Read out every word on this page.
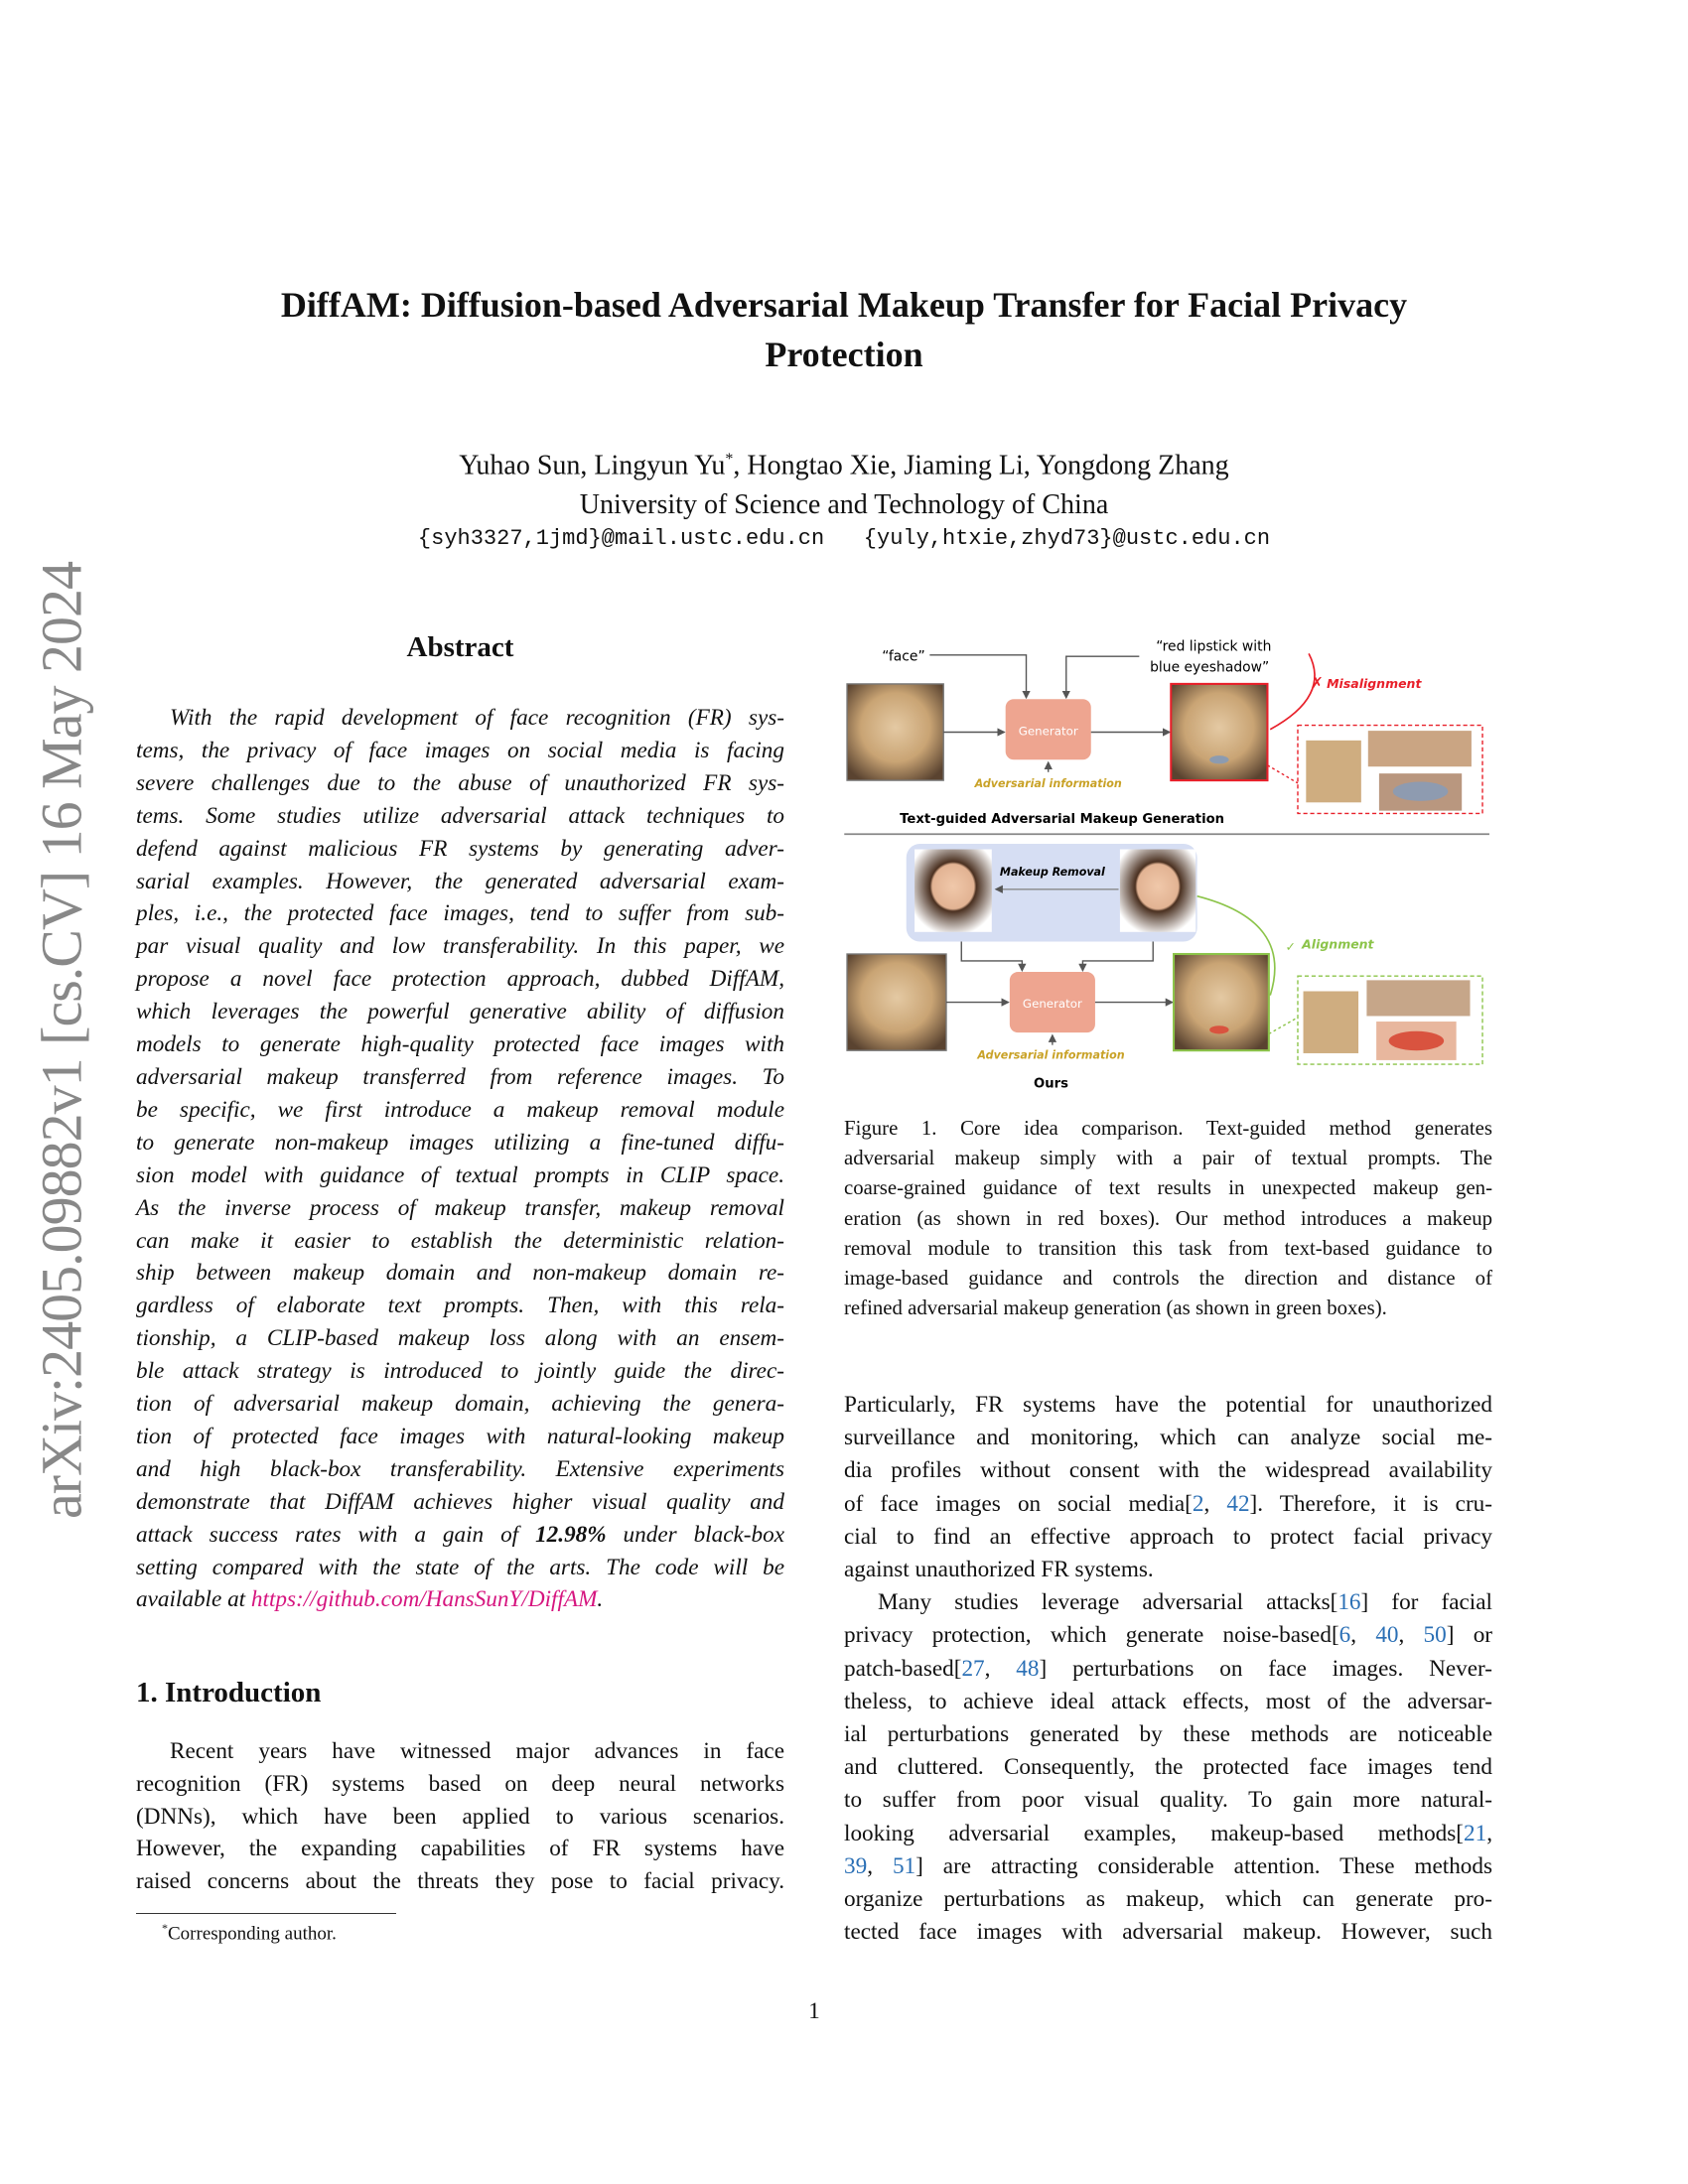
arXiv:2405.09882v1 [cs.CV] 16 May 2024
DiffAM: Diffusion-based Adversarial Makeup Transfer for Facial Privacy
Protection
Yuhao Sun, Lingyun Yu*, Hongtao Xie, Jiaming Li, Yongdong Zhang
University of Science and Technology of China
{syh3327,1jmd}@mail.ustc.edu.cn   {yuly,htxie,zhyd73}@ustc.edu.cn
Abstract
With the rapid development of face recognition (FR) sys-
tems, the privacy of face images on social media is facing
severe challenges due to the abuse of unauthorized FR sys-
tems. Some studies utilize adversarial attack techniques to
defend against malicious FR systems by generating adver-
sarial examples. However, the generated adversarial exam-
ples, i.e., the protected face images, tend to suffer from sub-
par visual quality and low transferability. In this paper, we
propose a novel face protection approach, dubbed DiffAM,
which leverages the powerful generative ability of diffusion
models to generate high-quality protected face images with
adversarial makeup transferred from reference images. To
be specific, we first introduce a makeup removal module
to generate non-makeup images utilizing a fine-tuned diffu-
sion model with guidance of textual prompts in CLIP space.
As the inverse process of makeup transfer, makeup removal
can make it easier to establish the deterministic relation-
ship between makeup domain and non-makeup domain re-
gardless of elaborate text prompts. Then, with this rela-
tionship, a CLIP-based makeup loss along with an ensem-
ble attack strategy is introduced to jointly guide the direc-
tion of adversarial makeup domain, achieving the genera-
tion of protected face images with natural-looking makeup
and high black-box transferability. Extensive experiments
demonstrate that DiffAM achieves higher visual quality and
attack success rates with a gain of 12.98% under black-box
setting compared with the state of the arts. The code will be
available at https://github.com/HansSunY/DiffAM.
1. Introduction
Recent years have witnessed major advances in face
recognition (FR) systems based on deep neural networks
(DNNs), which have been applied to various scenarios.
However, the expanding capabilities of FR systems have
raised concerns about the threats they pose to facial privacy.
*Corresponding author.
“face”
“red lipstick with
blue eyeshadow”
Generator
Adversarial information
✗ Misalignment
Text-guided Adversarial Makeup Generation
Makeup Removal
Generator
Adversarial information
Ours
✓ Alignment
Figure 1. Core idea comparison. Text-guided method generates
adversarial makeup simply with a pair of textual prompts. The
coarse-grained guidance of text results in unexpected makeup gen-
eration (as shown in red boxes). Our method introduces a makeup
removal module to transition this task from text-based guidance to
image-based guidance and controls the direction and distance of
refined adversarial makeup generation (as shown in green boxes).
Particularly, FR systems have the potential for unauthorized
surveillance and monitoring, which can analyze social me-
dia profiles without consent with the widespread availability
of face images on social media[2, 42]. Therefore, it is cru-
cial to find an effective approach to protect facial privacy
against unauthorized FR systems.
Many studies leverage adversarial attacks[16] for facial
privacy protection, which generate noise-based[6, 40, 50] or
patch-based[27, 48] perturbations on face images. Never-
theless, to achieve ideal attack effects, most of the adversar-
ial perturbations generated by these methods are noticeable
and cluttered. Consequently, the protected face images tend
to suffer from poor visual quality. To gain more natural-
looking adversarial examples, makeup-based methods[21,
39, 51] are attracting considerable attention. These methods
organize perturbations as makeup, which can generate pro-
tected face images with adversarial makeup. However, such
1
